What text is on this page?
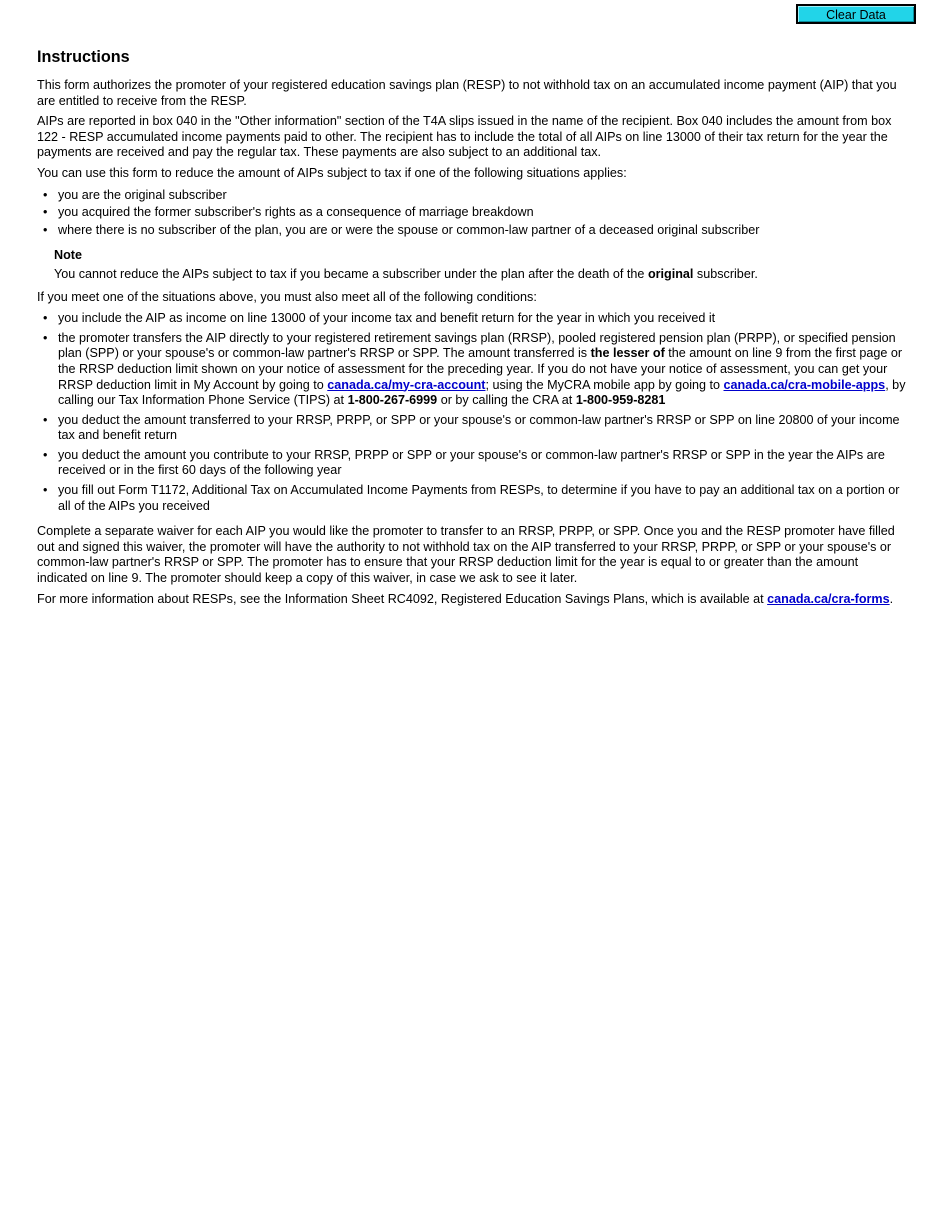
Clear Data
Instructions

This form authorizes the promoter of your registered education savings plan (RESP) to not withhold tax on an accumulated income payment (AIP) that you are entitled to receive from the RESP.

AIPs are reported in box 040 in the "Other information" section of the T4A slips issued in the name of the recipient. Box 040 includes the amount from box 122 - RESP accumulated income payments paid to other. The recipient has to include the total of all AIPs on line 13000 of their tax return for the year the payments are received and pay the regular tax. These payments are also subject to an additional tax.

You can use this form to reduce the amount of AIPs subject to tax if one of the following situations applies:

• you are the original subscriber
• you acquired the former subscriber's rights as a consequence of marriage breakdown
• where there is no subscriber of the plan, you are or were the spouse or common-law partner of a deceased original subscriber
Note
You cannot reduce the AIPs subject to tax if you became a subscriber under the plan after the death of the original subscriber.

If you meet one of the situations above, you must also meet all of the following conditions:

• you include the AIP as income on line 13000 of your income tax and benefit return for the year in which you received it
• the promoter transfers the AIP directly to your registered retirement savings plan (RRSP), pooled registered pension plan (PRPP), or specified pension plan (SPP) or your spouse's or common-law partner's RRSP or SPP. The amount transferred is the lesser of the amount on line 9 from the first page or the RRSP deduction limit shown on your notice of assessment for the preceding year. If you do not have your notice of assessment, you can get your RRSP deduction limit in My Account by going to canada.ca/my-cra-account; using the MyCRA mobile app by going to canada.ca/cra-mobile-apps, by calling our Tax Information Phone Service (TIPS) at 1-800-267-6999 or by calling the CRA at 1-800-959-8281
• you deduct the amount transferred to your RRSP, PRPP, or SPP or your spouse's or common-law partner's RRSP or SPP on line 20800 of your income tax and benefit return
• you deduct the amount you contribute to your RRSP, PRPP or SPP or your spouse's or common-law partner's RRSP or SPP in the year the AIPs are received or in the first 60 days of the following year
• you fill out Form T1172, Additional Tax on Accumulated Income Payments from RESPs, to determine if you have to pay an additional tax on a portion or all of the AIPs you received

Complete a separate waiver for each AIP you would like the promoter to transfer to an RRSP, PRPP, or SPP. Once you and the RESP promoter have filled out and signed this waiver, the promoter will have the authority to not withhold tax on the AIP transferred to your RRSP, PRPP, or SPP or your spouse's or common-law partner's RRSP or SPP. The promoter has to ensure that your RRSP deduction limit for the year is equal to or greater than the amount indicated on line 9. The promoter should keep a copy of this waiver, in case we ask to see it later.

For more information about RESPs, see the Information Sheet RC4092, Registered Education Savings Plans, which is available at canada.ca/cra-forms.
